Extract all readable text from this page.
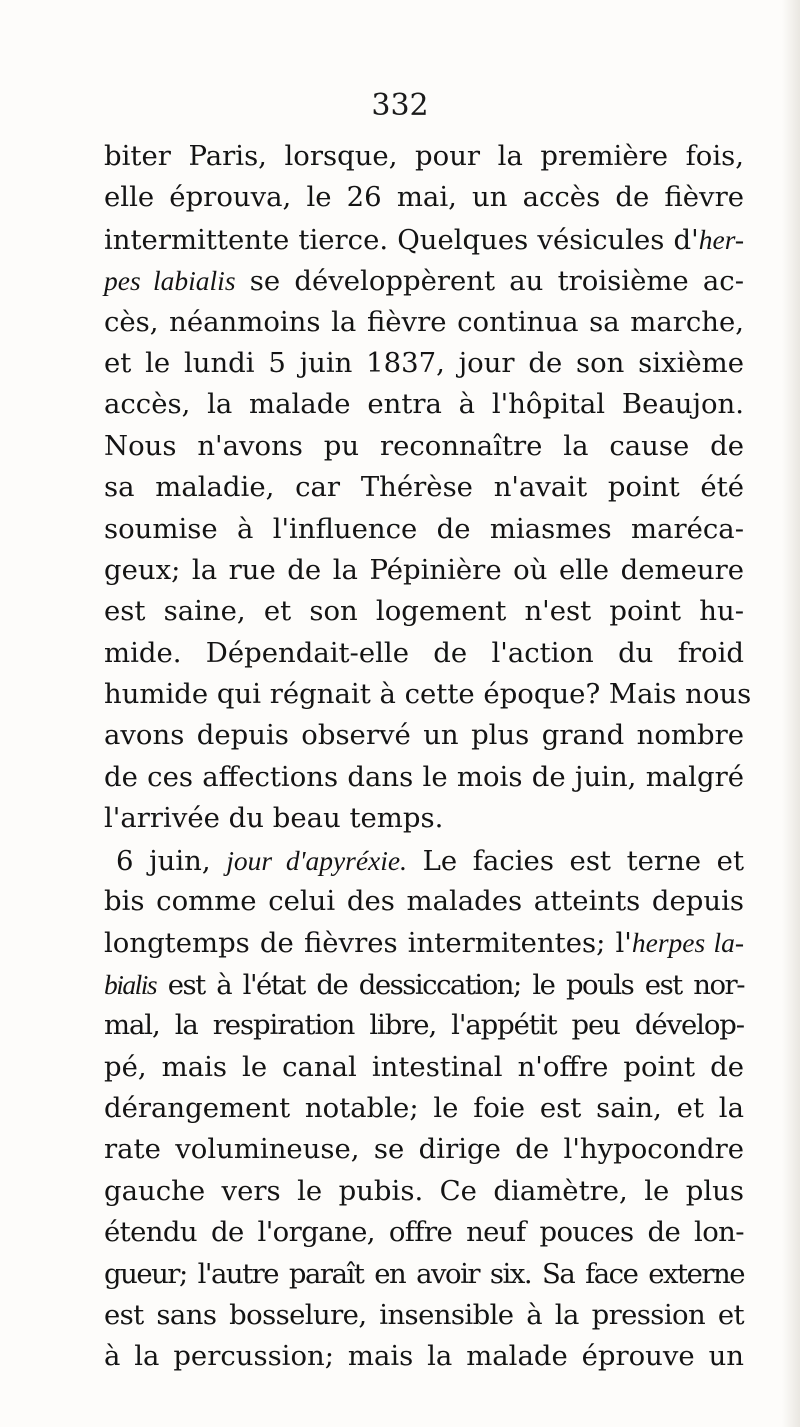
332

biter Paris, lorsque, pour la première fois,
elle éprouva, le 26 mai, un accès de fièvre
intermittente tierce. Quelques vésicules d'her-
pes labialis se développèrent au troisième ac-
cès, néanmoins la fièvre continua sa marche,
et le lundi 5 juin 1837, jour de son sixième
accès, la malade entra à l'hôpital Beaujon.
Nous n'avons pu reconnaître la cause de
sa maladie, car Thérèse n'avait point été
soumise à l'influence de miasmes maréca-
geux; la rue de la Pépinière où elle demeure
est saine, et son logement n'est point hu-
mide. Dépendait-elle de l'action du froid
humide qui régnait à cette époque? Mais nous
avons depuis observé un plus grand nombre
de ces affections dans le mois de juin, malgré
l'arrivée du beau temps.
6 juin, jour d'apyréxie. Le facies est terne et
bis comme celui des malades atteints depuis
longtemps de fièvres intermitentes; l'herpes la-
bialis est à l'état de dessiccation; le pouls est nor-
mal, la respiration libre, l'appétit peu dévelop-
pé, mais le canal intestinal n'offre point de
dérangement notable; le foie est sain, et la
rate volumineuse, se dirige de l'hypocondre
gauche vers le pubis. Ce diamètre, le plus
étendu de l'organe, offre neuf pouces de lon-
gueur; l'autre paraît en avoir six. Sa face externe
est sans bosselure, insensible à la pression et
à la percussion; mais la malade éprouve un
